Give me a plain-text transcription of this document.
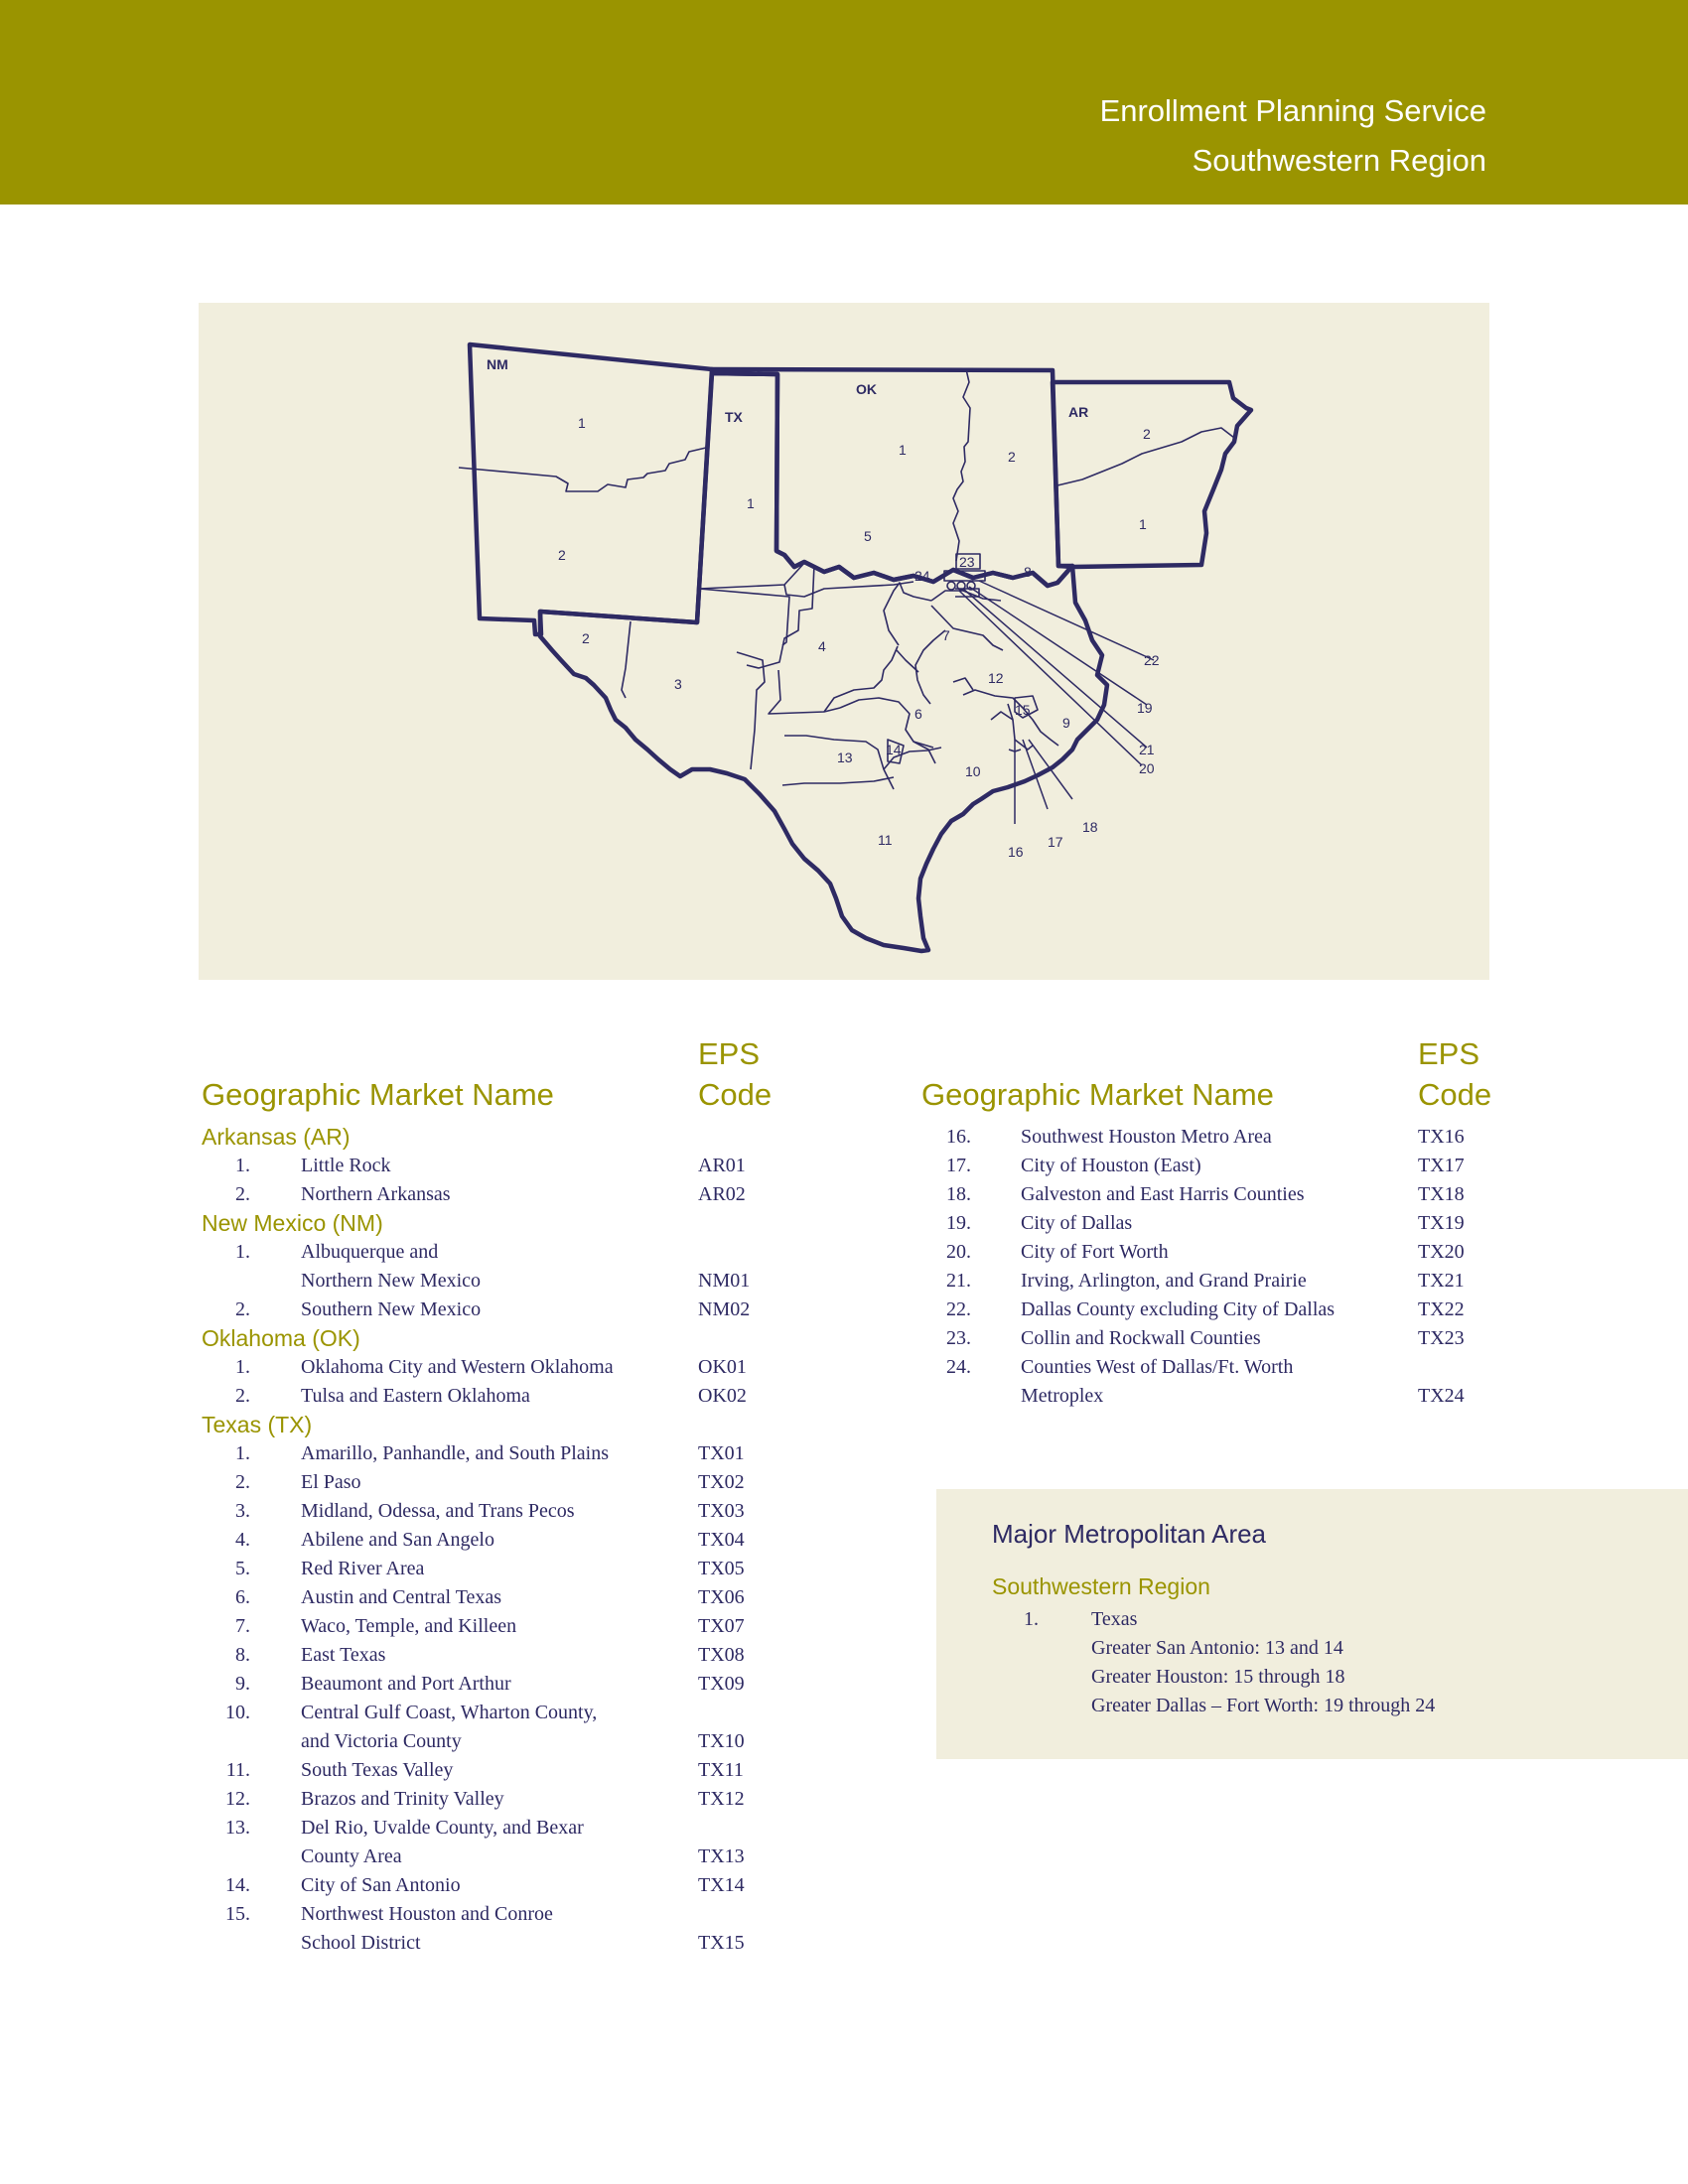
Enrollment Planning Service
Southwestern Region
NM
TX
OK
AR
1
2
1	2
2
1
1
2
3
4
5
6
7
8
9
10
11
12
13 14
15
16
17
18
19
20
21
22
23
24
EPS
Geographic Market Name	Code
EPS
Geographic Market Name	Code
Arkansas (AR)
1.	Little Rock	AR01
2.	Northern Arkansas	AR02
New Mexico (NM)
1.	Albuquerque and
Northern New Mexico	NM01
2.	Southern New Mexico	NM02
Oklahoma (OK)
1.	Oklahoma City and Western Oklahoma	OK01
2.	Tulsa and Eastern Oklahoma	OK02
Texas (TX)
1.	Amarillo, Panhandle, and South Plains	TX01
2.	El Paso	TX02
3.	Midland, Odessa, and Trans Pecos	TX03
4.	Abilene and San Angelo	TX04
5.	Red River Area	TX05
6.	Austin and Central Texas	TX06
7.	Waco, Temple, and Killeen	TX07
8.	East Texas	TX08
9.	Beaumont and Port Arthur	TX09
10.	Central Gulf Coast, Wharton County,
and Victoria County	TX10
11.	South Texas Valley	TX11
12.	Brazos and Trinity Valley	TX12
13.	Del Rio, Uvalde County, and Bexar
County Area	TX13
14.	City of San Antonio	TX14
15.	Northwest Houston and Conroe
School District	TX15
16.	Southwest Houston Metro Area	TX16
17.	City of Houston (East)	TX17
18.	Galveston and East Harris Counties	TX18
19.	City of Dallas	TX19
20.	City of Fort Worth	TX20
21.	Irving, Arlington, and Grand Prairie	TX21
22.	Dallas County excluding City of Dallas	TX22
23.	Collin and Rockwall Counties	TX23
24.	Counties West of Dallas/Ft. Worth
Metroplex	TX24
Major Metropolitan Area
Southwestern Region
1.	Texas
Greater San Antonio: 13 and 14
Greater Houston: 15 through 18
Greater Dallas – Fort Worth: 19 through 24
